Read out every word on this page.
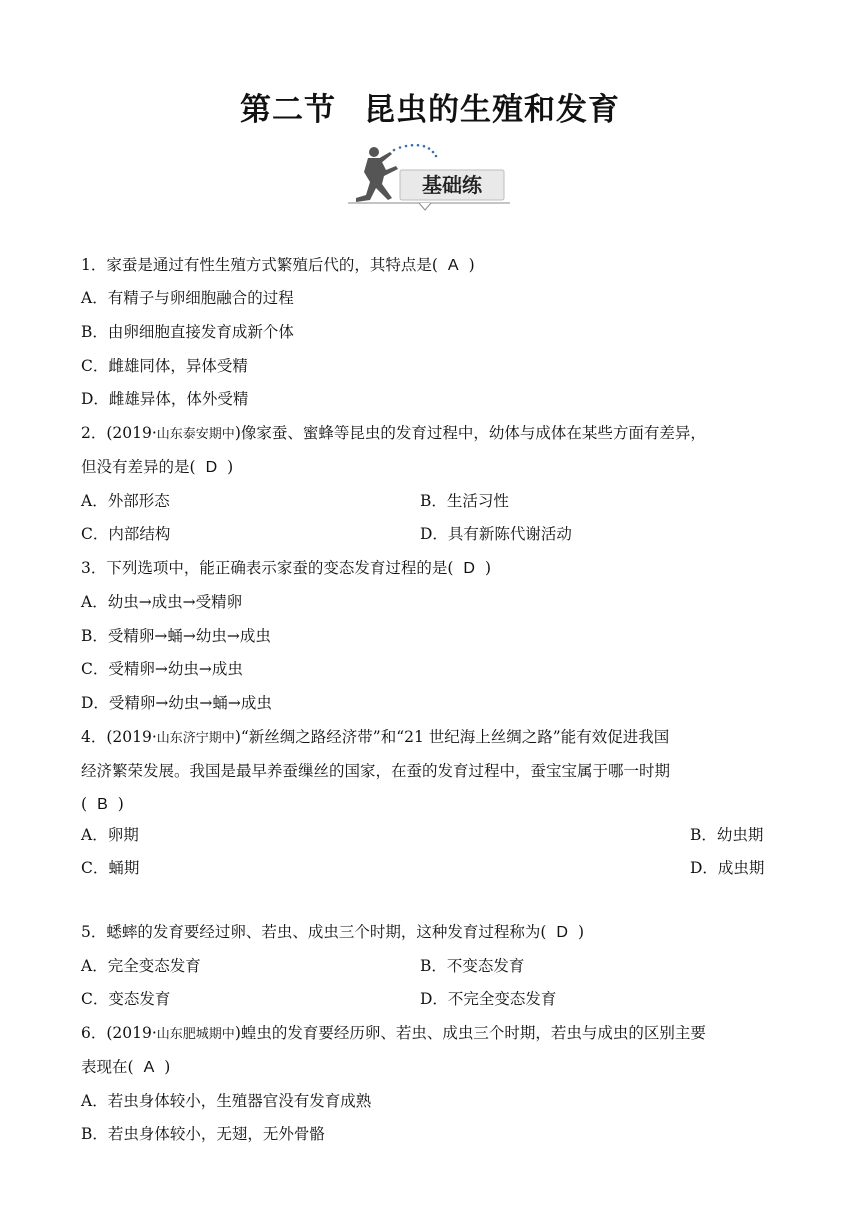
第二节 昆虫的生殖和发育
基础练
1．家蚕是通过有性生殖方式繁殖后代的，其特点是( A )
A．有精子与卵细胞融合的过程
B．由卵细胞直接发育成新个体
C．雌雄同体，异体受精
D．雌雄异体，体外受精
2．(2019·山东泰安期中)像家蚕、蜜蜂等昆虫的发育过程中，幼体与成体在某些方面有差异，
但没有差异的是( D )
A．外部形态	B．生活习性
C．内部结构	D．具有新陈代谢活动
3．下列选项中，能正确表示家蚕的变态发育过程的是( D )
A．幼虫→成虫→受精卵
B．受精卵→蛹→幼虫→成虫
C．受精卵→幼虫→成虫
D．受精卵→幼虫→蛹→成虫
4．(2019·山东济宁期中)“新丝绸之路经济带”和“21 世纪海上丝绸之路”能有效促进我国
经济繁荣发展。我国是最早养蚕缫丝的国家，在蚕的发育过程中，蚕宝宝属于哪一时期
( B )
A．卵期	B．幼虫期
C．蛹期	D．成虫期
5．蟋蟀的发育要经过卵、若虫、成虫三个时期，这种发育过程称为( D )
A．完全变态发育	B．不变态发育
C．变态发育	D．不完全变态发育
6．(2019·山东肥城期中)蝗虫的发育要经历卵、若虫、成虫三个时期，若虫与成虫的区别主要
表现在( A )
A．若虫身体较小，生殖器官没有发育成熟
B．若虫身体较小，无翅，无外骨骼
